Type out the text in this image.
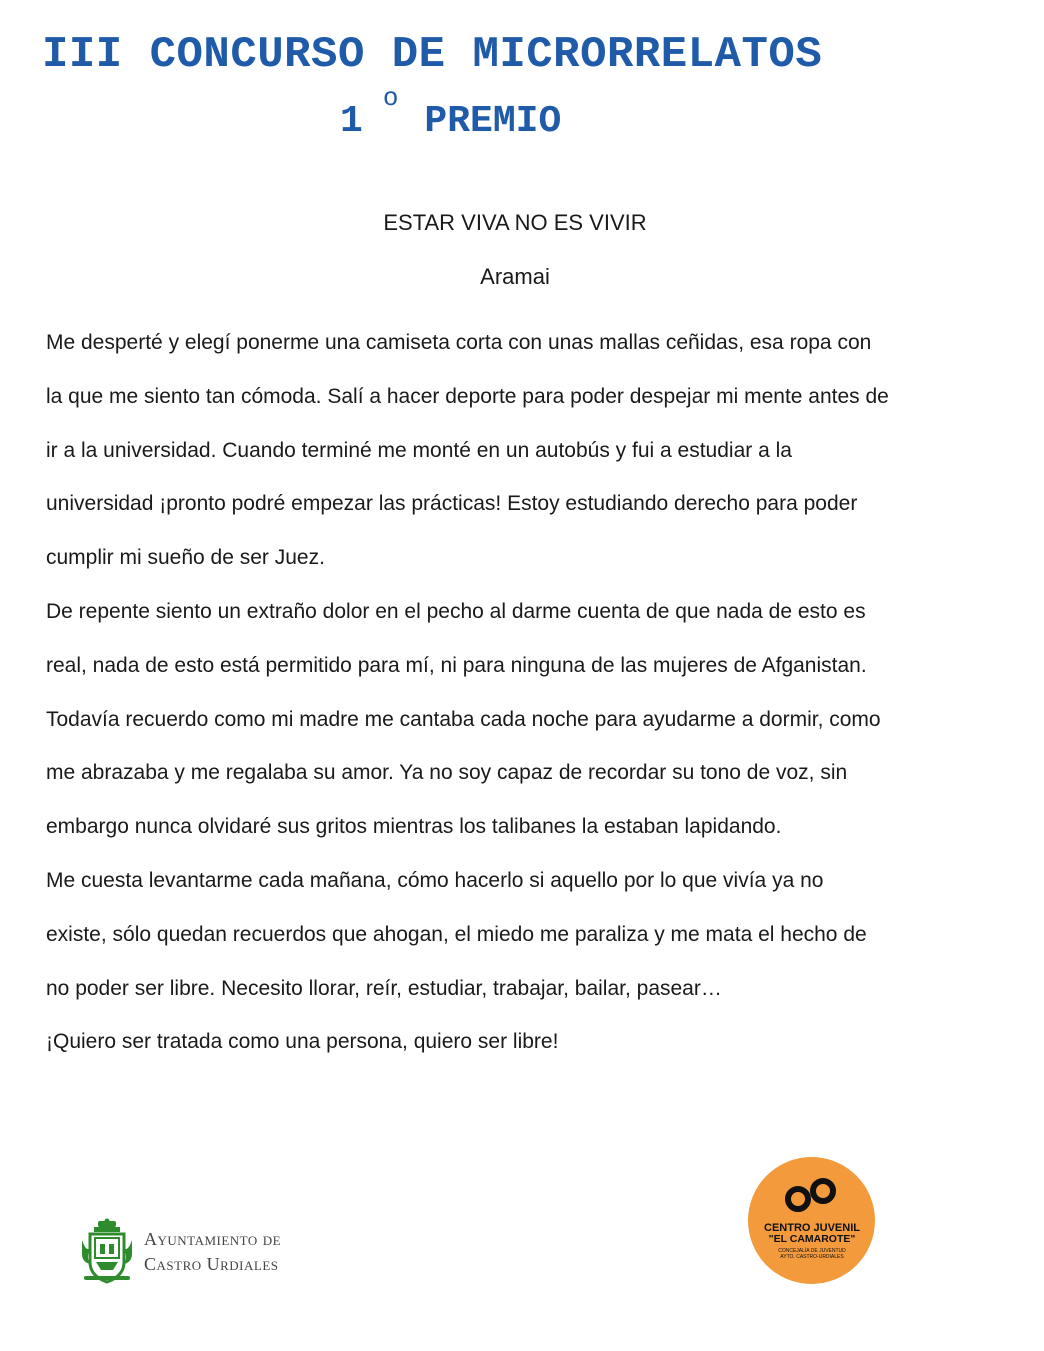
III CONCURSO DE MICRORRELATOS
1$^o$PREMIO
ESTAR VIVA NO ES VIVIR
Aramai

Me desperté y elegí ponerme una camiseta corta con unas mallas ceñidas, esa ropa con
la que me siento tan cómoda. Salí a hacer deporte para poder despejar mi mente antes de
ir a la universidad. Cuando terminé me monté en un autobús y fui a estudiar a la
universidad ¡pronto podré empezar las prácticas! Estoy estudiando derecho para poder
cumplir mi sueño de ser Juez.

De repente siento un extraño dolor en el pecho al darme cuenta de que nada de esto es
real, nada de esto está permitido para mí, ni para ninguna de las mujeres de Afganistan.
Todavía recuerdo como mi madre me cantaba cada noche para ayudarme a dormir, como
me abrazaba y me regalaba su amor. Ya no soy capaz de recordar su tono de voz, sin
embargo nunca olvidaré sus gritos mientras los talibanes la estaban lapidando.

Me cuesta levantarme cada mañana, cómo hacerlo si aquello por lo que vivía ya no
existe, sólo quedan recuerdos que ahogan, el miedo me paraliza y me mata el hecho de
no poder ser libre. Necesito llorar, reír, estudiar, trabajar, bailar, pasear…

¡Quiero ser tratada como una persona, quiero ser libre!

Ayuntamiento de
Castro Urdiales
CENTRO JUVENIL
"EL CAMAROTE"
CONCEJALÍA DE JUVENTUD
AYTO. CASTRO-URDIALES
